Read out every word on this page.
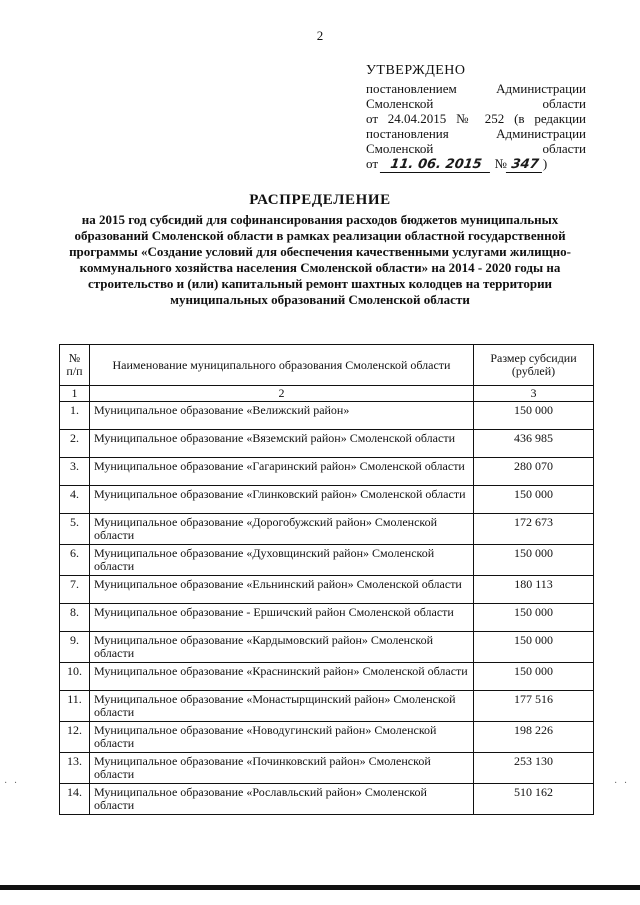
2
УТВЕРЖДЕНО
постановлением Администрации
Смоленской области
от 24.04.2015 № 252 (в редакции
постановления Администрации
Смоленской области
от 11. 06. 2015 № 347 )
РАСПРЕДЕЛЕНИЕ
на 2015 год субсидий для софинансирования расходов бюджетов муниципальных образований Смоленской области в рамках реализации областной государственной программы «Создание условий для обеспечения качественными услугами жилищно-коммунального хозяйства населения Смоленской области» на 2014 - 2020 годы на строительство и (или) капитальный ремонт шахтных колодцев на территории муниципальных образований Смоленской области
№ п/п	Наименование муниципального образования Смоленской области	Размер субсидии (рублей)
1	2	3
1.	Муниципальное образование «Велижский район»	150 000
2.	Муниципальное образование «Вяземский район» Смоленской области	436 985
3.	Муниципальное образование «Гагаринский район» Смоленской области	280 070
4.	Муниципальное образование «Глинковский район» Смоленской области	150 000
5.	Муниципальное образование «Дорогобужский район» Смоленской области	172 673
6.	Муниципальное образование «Духовщинский район» Смоленской области	150 000
7.	Муниципальное образование «Ельнинский район» Смоленской области	180 113
8.	Муниципальное образование - Ершичский район Смоленской области	150 000
9.	Муниципальное образование «Кардымовский район» Смоленской области	150 000
10.	Муниципальное образование «Краснинский район» Смоленской области	150 000
11.	Муниципальное образование «Монастырщинский район» Смоленской области	177 516
12.	Муниципальное образование «Новодугинский район» Смоленской области	198 226
13.	Муниципальное образование «Починковский район» Смоленской области	253 130
14.	Муниципальное образование «Рославльский район» Смоленской области	510 162
· ·	· ·
